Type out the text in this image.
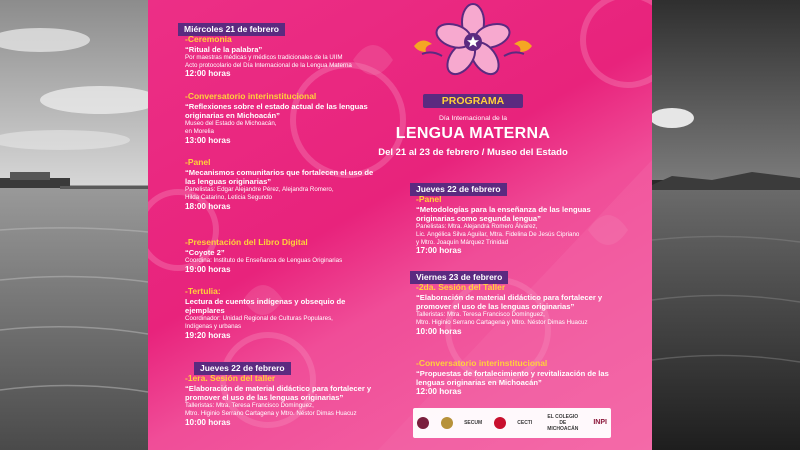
PROGRAMA
Día Internacional de la
LENGUA MATERNA
Del 21 al 23 de febrero / Museo del Estado
Miércoles 21 de febrero
-Ceremonia
“Ritual de la palabra”
Por maestras médicas y médicos tradicionales de la UIIM
Acto protocolario del Día Internacional de la Lengua Materna
12:00 horas
-Conversatorio interinstitucional
“Reflexiones sobre el estado actual de las lenguas originarias en Michoacán”
Museo del Estado de Michoacán,
en Morelia
13:00 horas
-Panel
“Mecanismos comunitarios que fortalecen el uso de las lenguas originarias”
Panelistas: Edgar Alejandre Pérez, Alejandra Romero,
Hilda Catarino, Leticia Segundo
18:00 horas
-Presentación del Libro Digital
“Coyote 2”
Coordina: Instituto de Enseñanza de Lenguas Originarias
19:00 horas
-Tertulia:
Lectura de cuentos indígenas y obsequio de ejemplares
Coordinador: Unidad Regional de Culturas Populares,
Indígenas y urbanas
19:20 horas
Jueves 22 de febrero
-1era. Sesión del taller
“Elaboración de material didáctico para fortalecer y promover el uso de las lenguas originarias”
Talleristas: Mtra. Teresa Francisco Domínguez,
Mtro. Higinio Serrano Cartagena y Mtro. Néstor Dimas Huacuz
10:00 horas
Jueves 22 de febrero
-Panel
“Metodologías para la enseñanza de las lenguas originarias como segunda lengua”
Panelistas: Mtra. Alejandra Romero Álvarez,
Lic. Angélica Silva Aguilar, Mtra. Fidelina De Jesús Cipriano
y Mtro. Joaquín Márquez Trinidad
17:00 horas
Viernes 23 de febrero
-2da. Sesión del Taller
“Elaboración de material didáctico para fortalecer y promover el uso de las lenguas originarias”
Talleristas: Mtra. Teresa Francisco Domínguez,
Mtro. Higinio Serrano Cartagena y Mtro. Néstor Dimas Huacuz
10:00 horas
-Conversatorio interinstitucional
“Propuestas de fortalecimiento y revitalización de las lenguas originarias en Michoacán”
12:00 horas
SECUM	CECTI
EL COLEGIO DE MICHOACÁN
INPI
